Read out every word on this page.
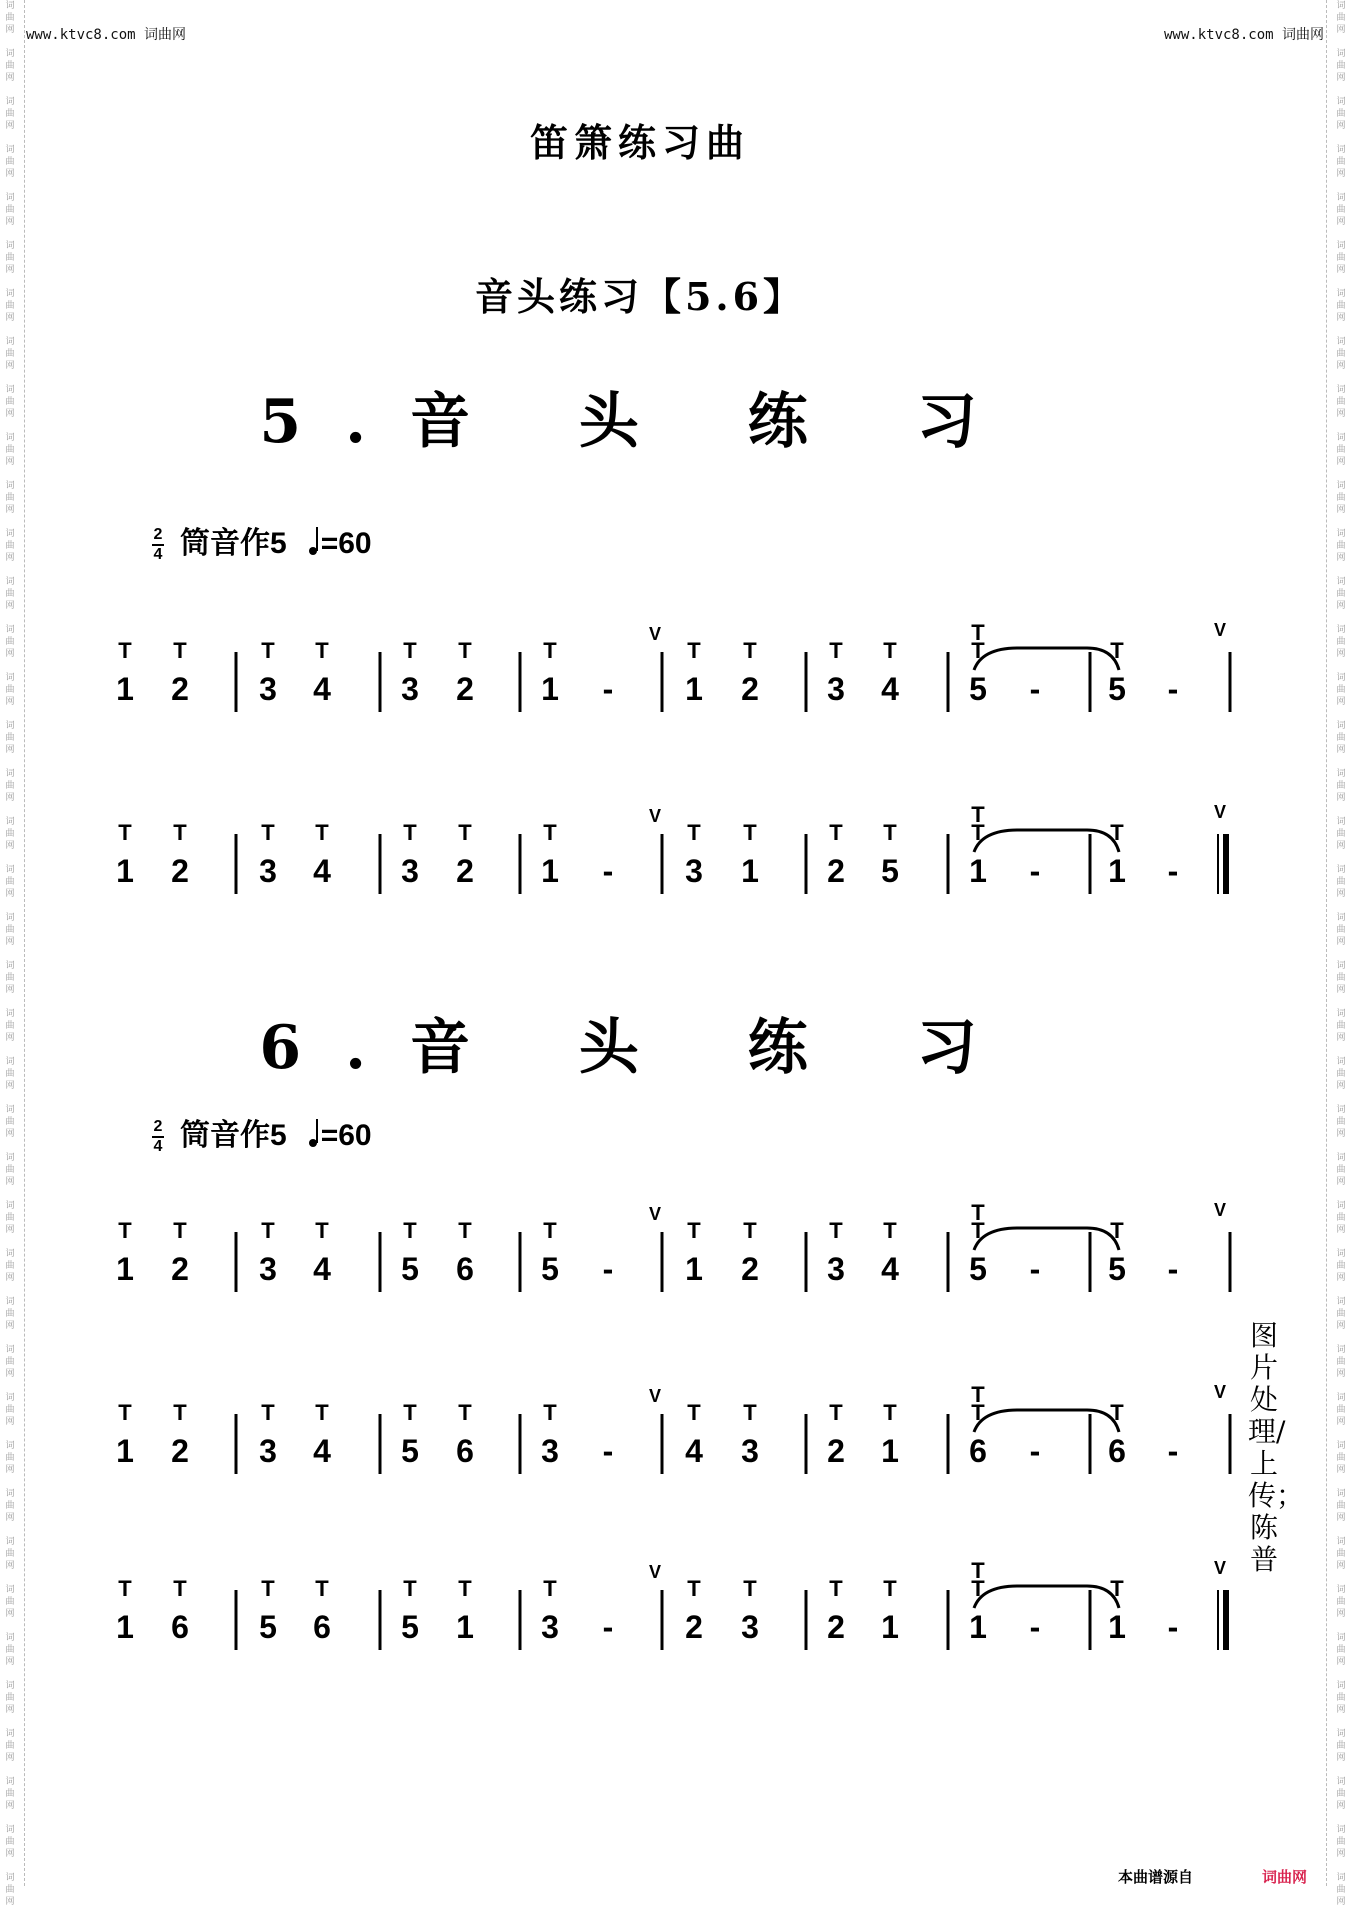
www.ktvc8.com 词曲网	www.ktvc8.com 词曲网
词
曲
网
词
曲
网
词
曲
网
词
曲
网
词
曲
网
词
曲
网
词
曲
网
词
曲
网
词
曲
网
词
曲
网
词
曲
网
词
曲
网
词
曲
网
词
曲
网
词
曲
网
词
曲
网
词
曲
网
词
曲
网
词
曲
网
词
曲
网
词
曲
网
词
曲
网
词
曲
网
词
曲
网
词
曲
网
词
曲
网
词
曲
网
词
曲
网
词
曲
网
词
曲
网
词
曲
网
词
曲
网
词
曲
网
词
曲
网
词
曲
网
词
曲
网
词
曲
网
词
曲
网
词
曲
网
词
曲
网
词
曲
网
词
曲
网
词
曲
网
词
曲
网
词
曲
网
词
曲
网
词
曲
网
词
曲
网
词
曲
网
词
曲
网
词
曲
网
词
曲
网
词
曲
网
词
曲
网
词
曲
网
词
曲
网
词
曲
网
词
曲
网
词
曲
网
词
曲
网
词
曲
网
词
曲
网
词
曲
网
词
曲
网
词
曲
网
词
曲
网
词
曲
网
词
曲
网
词
曲
网
词
曲
网
词
曲
网
词
曲
网
词
曲
网
词
曲
网
词
曲
网
词
曲
网
词
曲
网
词
曲
网
词
曲
网
词
曲
网
笛箫练习曲
音头练习【5.6】
5.音 头 练 习
$\frac{2}{4}$ 筒音作5 =60
6.音 头 练 习
$\frac{2}{4}$ 筒音作5 =60
1
T
2
T
3
T
4
T
3
T
2
T
1
T
- 1
T
2
T
3
T
4
T
5
T
- 5
T
-
T
V	V
1
T
2
T
3
T
4
T
3
T
2
T
1
T
- 3
T
1
T
2
T
5
T
1
T
- 1
T
-
T
V	V
1
T
2
T
3
T
4
T
5
T
6
T
5
T
- 1
T
2
T
3
T
4
T
5
T
- 5
T
-
T
V	V
1
T
2
T
3
T
4
T
5
T
6
T
3
T
- 4
T
3
T
2
T
1
T
6
T
- 6
T
-
T
V	V
1
T
6
T
5
T
6
T
5
T
1
T
3
T
- 2
T
3
T
2
T
1
T
1
T
- 1
T
-
T
V	V
图片处理/上传；陈普
本曲谱源自	词曲网
